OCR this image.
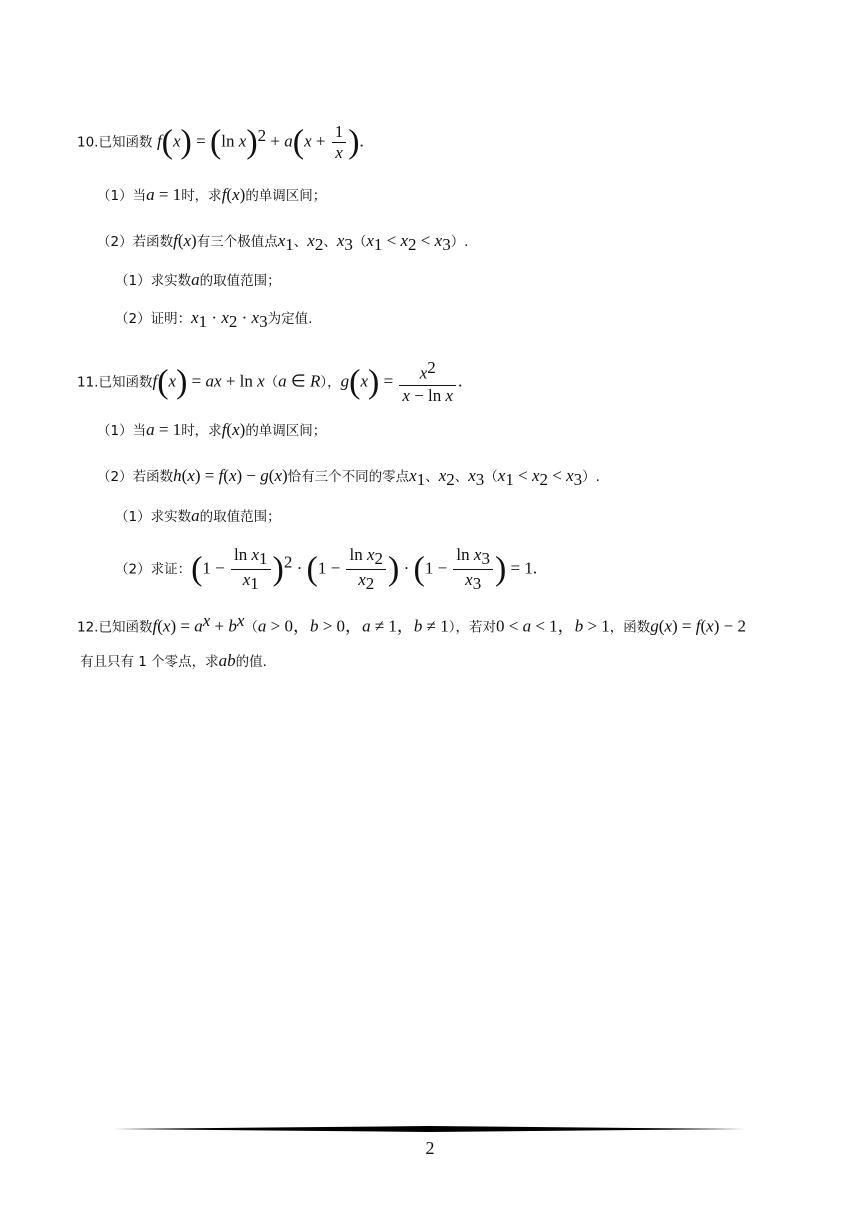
10.已知函数 f(x) = (ln $x)^2 + a(x + \frac{1}{x}$ ).
（1）当a = 1时，求f(x)的单调区间；
（2）若函数f(x)有三个极值点$x_1$、$x_2$、$x_3(x_1 < x_2 < x_3)$.
（1）求实数a的取值范围；
（2）证明：$x_1 \cdot x_2 \cdot x_3$为定值.
11.已知函数f(x) = ax + ln x（a ∈ R），$g(x) = \frac{x^2}{\text{x − ln x}}$ .
（1）当a = 1时，求f(x)的单调区间；
（2）若函数h(x) = f(x) − g(x)恰有三个不同的零点$x_1$、$x_2$、$x_3(x_1 < x_2 < x_3)$.
（1）求实数a的取值范围；
（2）求证：$(1 - \frac{\ln x_1}{x_1} )^2 \cdot (1 - \frac{\ln x_2}{x_2}$ ) · ($1 - \frac{\ln x_3}{x_3}$ ) = 1.
12.已知函数$f(x) = a^x + b^x(a > 0$，b > 0，a ≠ 1，b ≠ 1），若对0 < a < 1，b > 1，函数g(x) = f(x) − 2
有且只有 1 个零点，求ab的值.
2
